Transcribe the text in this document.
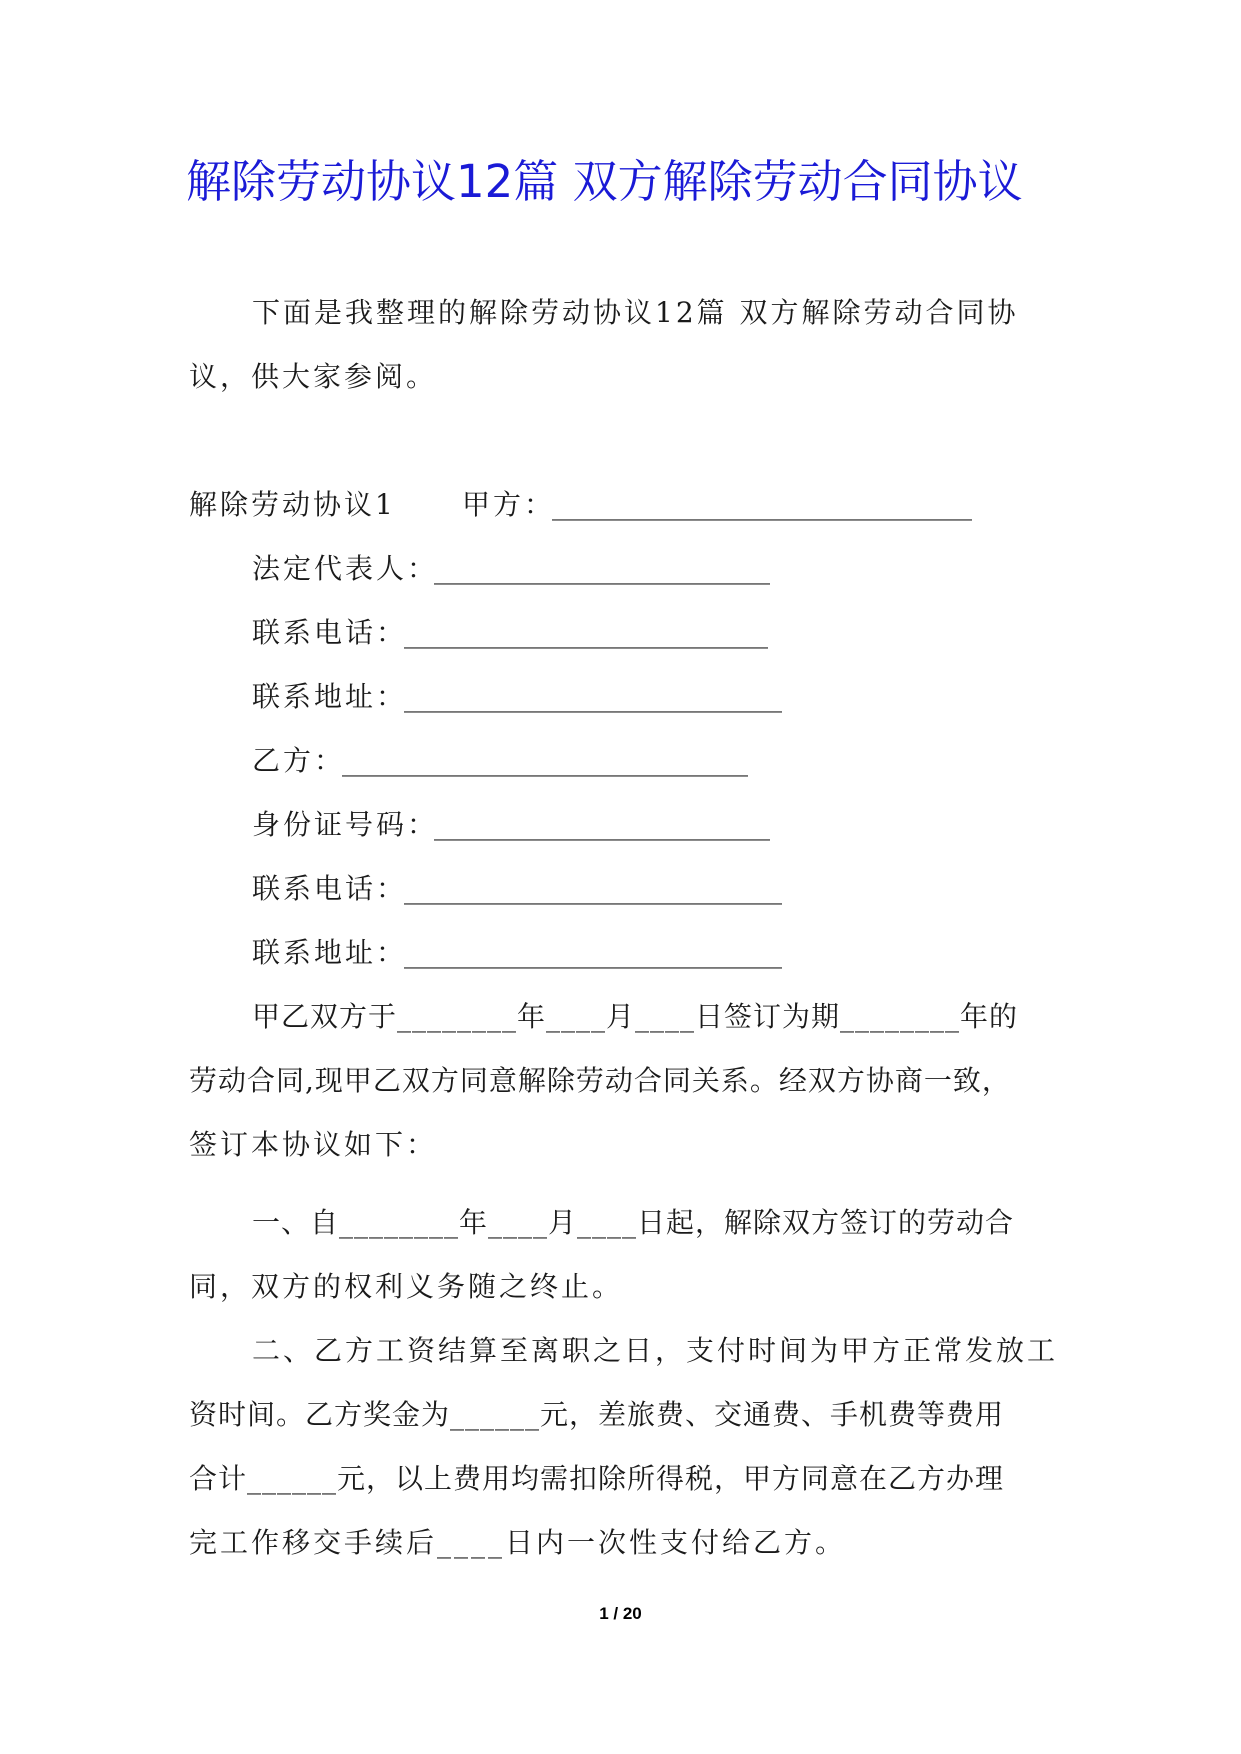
解除劳动协议12篇 双方解除劳动合同协议
下面是我整理的解除劳动协议12篇 双方解除劳动合同协
议，供大家参阅。
解除劳动协议1 甲方：
______________________________
法定代表人：
________________________
联系电话：
__________________________
联系地址：
___________________________
乙方：
_____________________________
身份证号码：
________________________
联系电话：
___________________________
联系地址：
___________________________
甲乙双方于________年____月____日签订为期________年的
劳动合同,现甲乙双方同意解除劳动合同关系。经双方协商一致，
签订本协议如下：
一、自________年____月____日起，解除双方签订的劳动合
同，双方的权利义务随之终止。
二、乙方工资结算至离职之日，支付时间为甲方正常发放工
资时间。乙方奖金为______元，差旅费、交通费、手机费等费用
合计______元，以上费用均需扣除所得税，甲方同意在乙方办理
完工作移交手续后____日内一次性支付给乙方。
1 / 20
